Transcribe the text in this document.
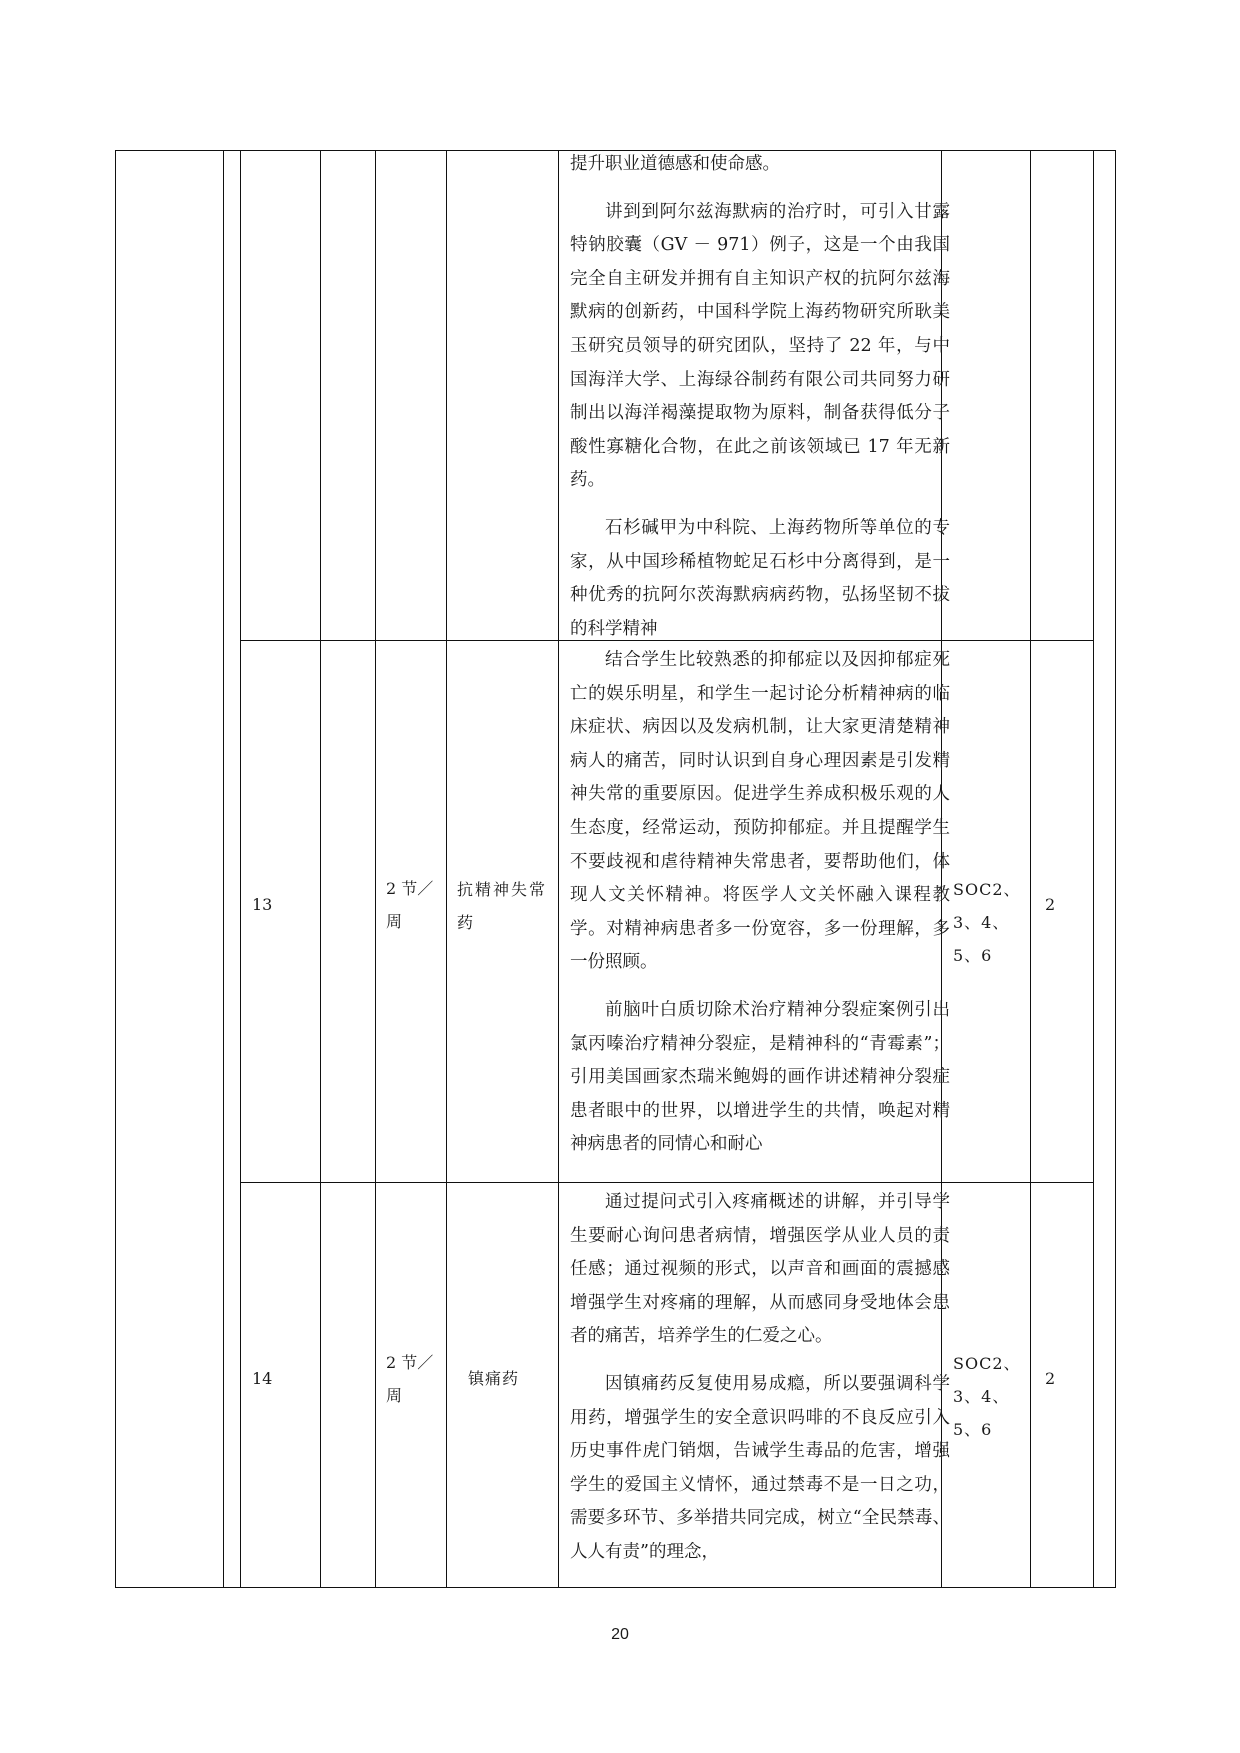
提升职业道德感和使命感。

讲到到阿尔兹海默病的治疗时，可引入甘露特钠胶囊（GV － 971）例子，这是一个由我国完全自主研发并拥有自主知识产权的抗阿尔兹海默病的创新药，中国科学院上海药物研究所耿美玉研究员领导的研究团队，坚持了 22 年，与中国海洋大学、上海绿谷制药有限公司共同努力研制出以海洋褐藻提取物为原料，制备获得低分子酸性寡糖化合物，在此之前该领域已 17 年无新药。

石杉碱甲为中科院、上海药物所等单位的专家，从中国珍稀植物蛇足石杉中分离得到，是一种优秀的抗阿尔茨海默病病药物，弘扬坚韧不拔的科学精神

13
2 节／周
抗精神失常药

结合学生比较熟悉的抑郁症以及因抑郁症死亡的娱乐明星，和学生一起讨论分析精神病的临床症状、病因以及发病机制，让大家更清楚精神病人的痛苦，同时认识到自身心理因素是引发精神失常的重要原因。促进学生养成积极乐观的人生态度，经常运动，预防抑郁症。并且提醒学生不要歧视和虐待精神失常患者，要帮助他们，体现人文关怀精神。将医学人文关怀融入课程教学。对精神病患者多一份宽容，多一份理解，多一份照顾。

前脑叶白质切除术治疗精神分裂症案例引出氯丙嗪治疗精神分裂症，是精神科的“青霉素”；引用美国画家杰瑞米鲍姆的画作讲述精神分裂症患者眼中的世界，以增进学生的共情，唤起对精神病患者的同情心和耐心

SOC2、3、4、5、6
2
14
2 节／周
镇痛药

通过提问式引入疼痛概述的讲解，并引导学生要耐心询问患者病情，增强医学从业人员的责任感；通过视频的形式，以声音和画面的震撼感增强学生对疼痛的理解，从而感同身受地体会患者的痛苦，培养学生的仁爱之心。

因镇痛药反复使用易成瘾，所以要强调科学用药，增强学生的安全意识吗啡的不良反应引入历史事件虎门销烟，告诫学生毒品的危害，增强学生的爱国主义情怀，通过禁毒不是一日之功，需要多环节、多举措共同完成，树立“全民禁毒、人人有责”的理念，

SOC2、3、4、5、6
2
20
